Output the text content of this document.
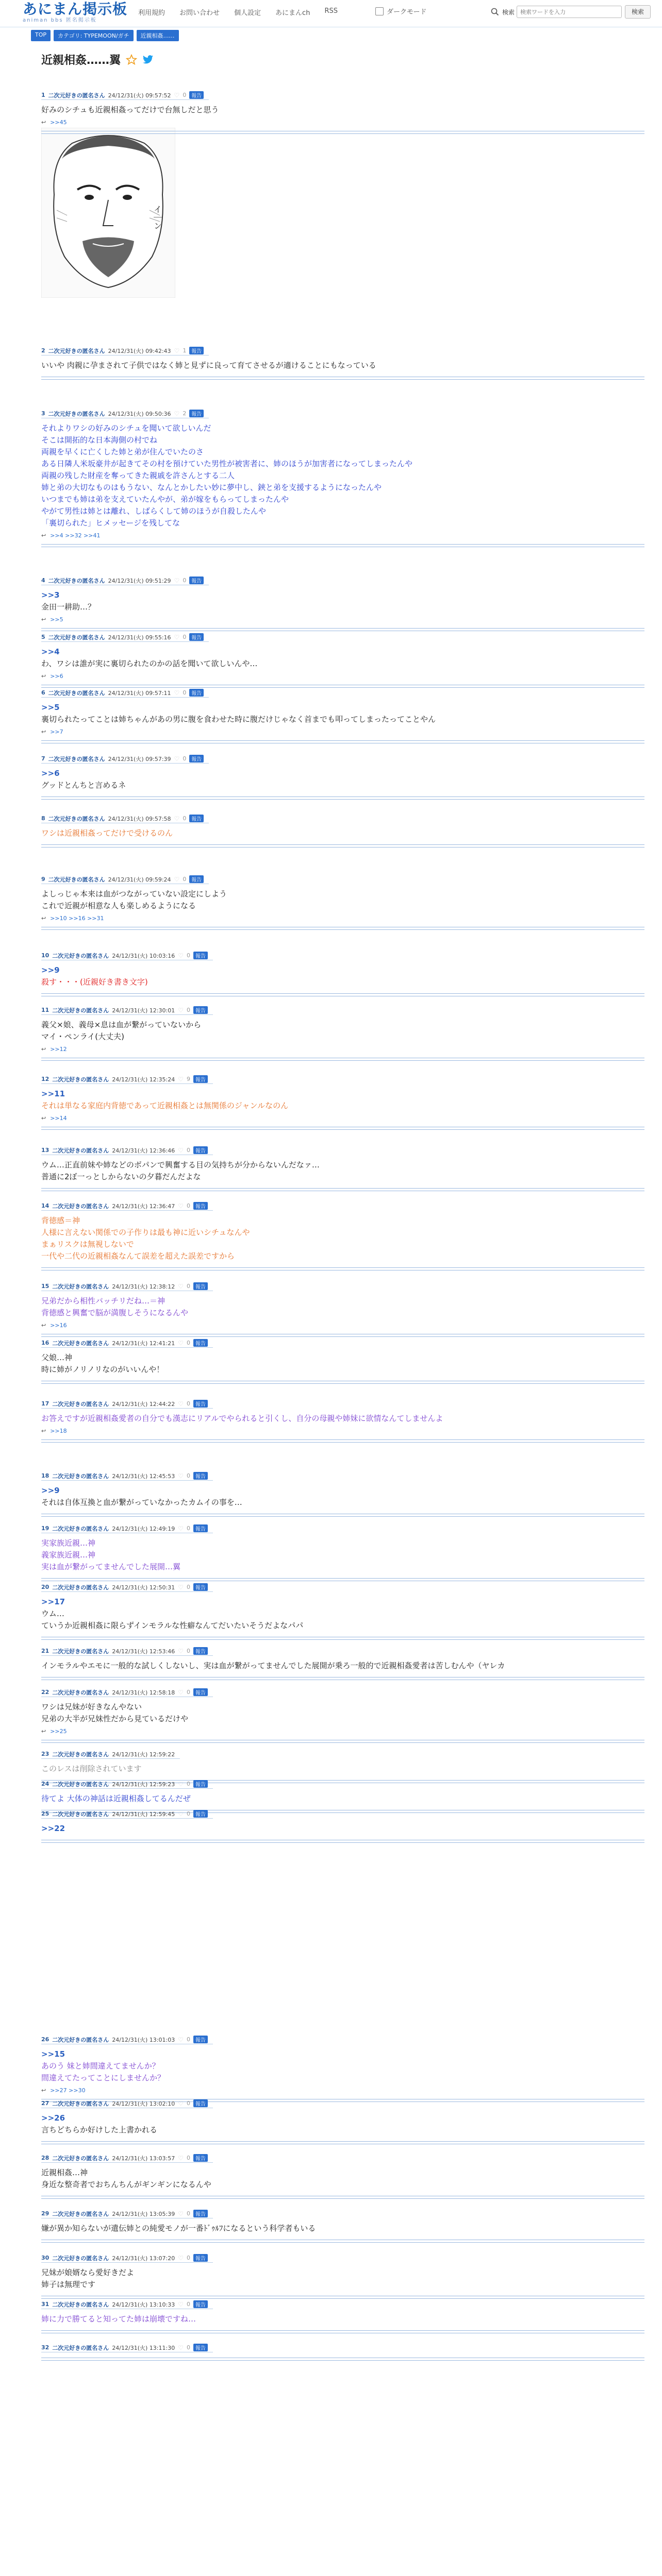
あにまん掲示板
animan bbs 匿名掲示板
利用規約 お問い合わせ 個人設定 あにまんch RSS	ダークモード	検索
検索ワードを入力	検索
TOP	カテゴリ: TYPEMOON/ガチ	近親相姦……
近親相姦……翼
イ｜ン
1 二次元好きの匿名さん 24/12/31(火) 09:57:52 ♡ 0	報告
好みのシチュも近親相姦ってだけで台無しだと思う
↩ >>45
2 二次元好きの匿名さん 24/12/31(火) 09:42:43 ♡ 1	報告
いいや 肉親に孕まされて子供ではなく姉と見ずに良って育てさせるが適けることにもなっている
3 二次元好きの匿名さん 24/12/31(火) 09:50:36 ♡ 2	報告
それよりワシの好みのシチュを聞いて欲しいんだ
そこは開拓的な日本海側の村でね
両親を早くに亡くした姉と弟が住んでいたのさ
ある日隣人米坂豪井が起きてその村を預けていた男性が被害者に、姉のほうが加害者になってしまったんや
両親の残した財産を奪ってきた親戚を許さんとする二人
姉と弟の大切なものはもうない、なんとかしたい妙に夢中し、鋏と弟を支援するようになったんや
いつまでも姉は弟を支えていたんやが、弟が嫁をもらってしまったんや
やがて男性は姉とは離れ、しばらくして姉のほうが自殺したんや
「裏切られた」ヒメッセージを残してな
↩ >>4 >>32 >>41
4 二次元好きの匿名さん 24/12/31(火) 09:51:29 ♡ 0	報告
>>3
金田一耕助…？
↩ >>5
5 二次元好きの匿名さん 24/12/31(火) 09:55:16 ♡ 0	報告
>>4
わ、ワシは誰が実に裏切られたのかの話を聞いて欲しいんや…
↩ >>6
6 二次元好きの匿名さん 24/12/31(火) 09:57:11 ♡ 0	報告
>>5
裏切られたってことは姉ちゃんがあの男に腹を食わせた時に腹だけじゃなく首までも叩ってしまったってことやん
↩ >>7
7 二次元好きの匿名さん 24/12/31(火) 09:57:39 ♡ 0	報告
>>6
グッドとんちと言めるネ
8 二次元好きの匿名さん 24/12/31(火) 09:57:58 ♡ 0	報告
ワシは近親相姦ってだけで受けるのん
9 二次元好きの匿名さん 24/12/31(火) 09:59:24 ♡ 0	報告
よしっじゃ本来は血がつながっていない設定にしよう
これで近親が相意な人も楽しめるようになる
↩ >>10 >>16 >>31
10 二次元好きの匿名さん 24/12/31(火) 10:03:16 ♡ 0	報告
>>9
殺す・・・(近親好き書き文字)
11 二次元好きの匿名さん 24/12/31(火) 12:30:01 ♡ 0	報告
義父×娘、義母×息は血が繋がっていないから
マイ・ペンライ(大丈夫)
↩ >>12
12 二次元好きの匿名さん 24/12/31(火) 12:35:24 ♡ 9	報告
>>11
それは単なる家庭内背徳であって近親相姦とは無関係のジャンルなのん
↩ >>14
13 二次元好きの匿名さん 24/12/31(火) 12:36:46 ♡ 0	報告
ウム…正直前妹や姉などのボパンで興奮する目の気持ちが分からないんだなァ…
普通に2ぼ一っとしからないの夕暮だんだよな
14 二次元好きの匿名さん 24/12/31(火) 12:36:47 ♡ 0	報告
背徳感＝神
人様に言えない関係での子作りは最も神に近いシチュなんや
まぁリスクは無視しないで
一代や二代の近親相姦なんて誤差を超えた誤差ですから
15 二次元好きの匿名さん 24/12/31(火) 12:38:12 ♡ 0	報告
兄弟だから相性バッチリだね…＝神
背徳感と興奮で脳が満腹しそうになるんや
↩ >>16
16 二次元好きの匿名さん 24/12/31(火) 12:41:21 ♡ 0	報告
父娘…神
時に姉がノリノリなのがいいんや！
17 二次元好きの匿名さん 24/12/31(火) 12:44:22 ♡ 0	報告
お答えですが近親相姦愛者の自分でも漢志にリアルでやられると引くし、自分の母親や姉妹に欲情なんてしませんよ
↩ >>18
18 二次元好きの匿名さん 24/12/31(火) 12:45:53 ♡ 0	報告
>>9
それは自体互換と血が繋がっていなかったカムイの事を…
19 二次元好きの匿名さん 24/12/31(火) 12:49:19 ♡ 0	報告
実家族近親…神
義家族近親…神
実は血が繋がってませんでした展開…翼
20 二次元好きの匿名さん 24/12/31(火) 12:50:31 ♡ 0	報告
>>17
ウム…
ていうか近親相姦に限らずインモラルな性癖なんてだいたいそうだよなパパ
21 二次元好きの匿名さん 24/12/31(火) 12:53:46 ♡ 0	報告
インモラルやエモに一般的な試しくしないし、実は血が繋がってませんでした展開が乗ろ一般的で近親相姦愛者は苦しむんや（ヤレカ
22 二次元好きの匿名さん 24/12/31(火) 12:58:18 ♡ 0	報告
ワシは兄妹が好きなんやない
兄弟の大半が兄妹性だから見ているだけや
↩ >>25
23 二次元好きの匿名さん 24/12/31(火) 12:59:22
このレスは削除されています
24 二次元好きの匿名さん 24/12/31(火) 12:59:23 ♡ 0	報告
待てよ 大体の神話は近親相姦してるんだぜ
25 二次元好きの匿名さん 24/12/31(火) 12:59:45 ♡ 0	報告
>>22
26 二次元好きの匿名さん 24/12/31(火) 13:01:03 ♡ 0	報告
>>15
あのう 妹と姉間違えてませんか？
間違えてたってことにしませんか？
↩ >>27 >>30
27 二次元好きの匿名さん 24/12/31(火) 13:02:10 ♡ 0	報告
>>26
言ちどちらか好けした上書かれる
28 二次元好きの匿名さん 24/12/31(火) 13:03:57 ♡ 0	報告
近親相姦…神
身近な整奇者でおちんちんがギンギンになるんや
29 二次元好きの匿名さん 24/12/31(火) 13:05:39 ♡ 0	報告
嫌が異か知らないが遺伝姉との純愛モノが一番ﾄﾞｩﾙﾌになるという科学者もいる
30 二次元好きの匿名さん 24/12/31(火) 13:07:20 ♡ 0	報告
兄妹が娘婿なら愛好きだよ
姉子は無理です
31 二次元好きの匿名さん 24/12/31(火) 13:10:33 ♡ 0	報告
姉に力で勝てると知ってた姉は崩壊ですね…
32 二次元好きの匿名さん 24/12/31(火) 13:11:30 ♡ 0	報告
